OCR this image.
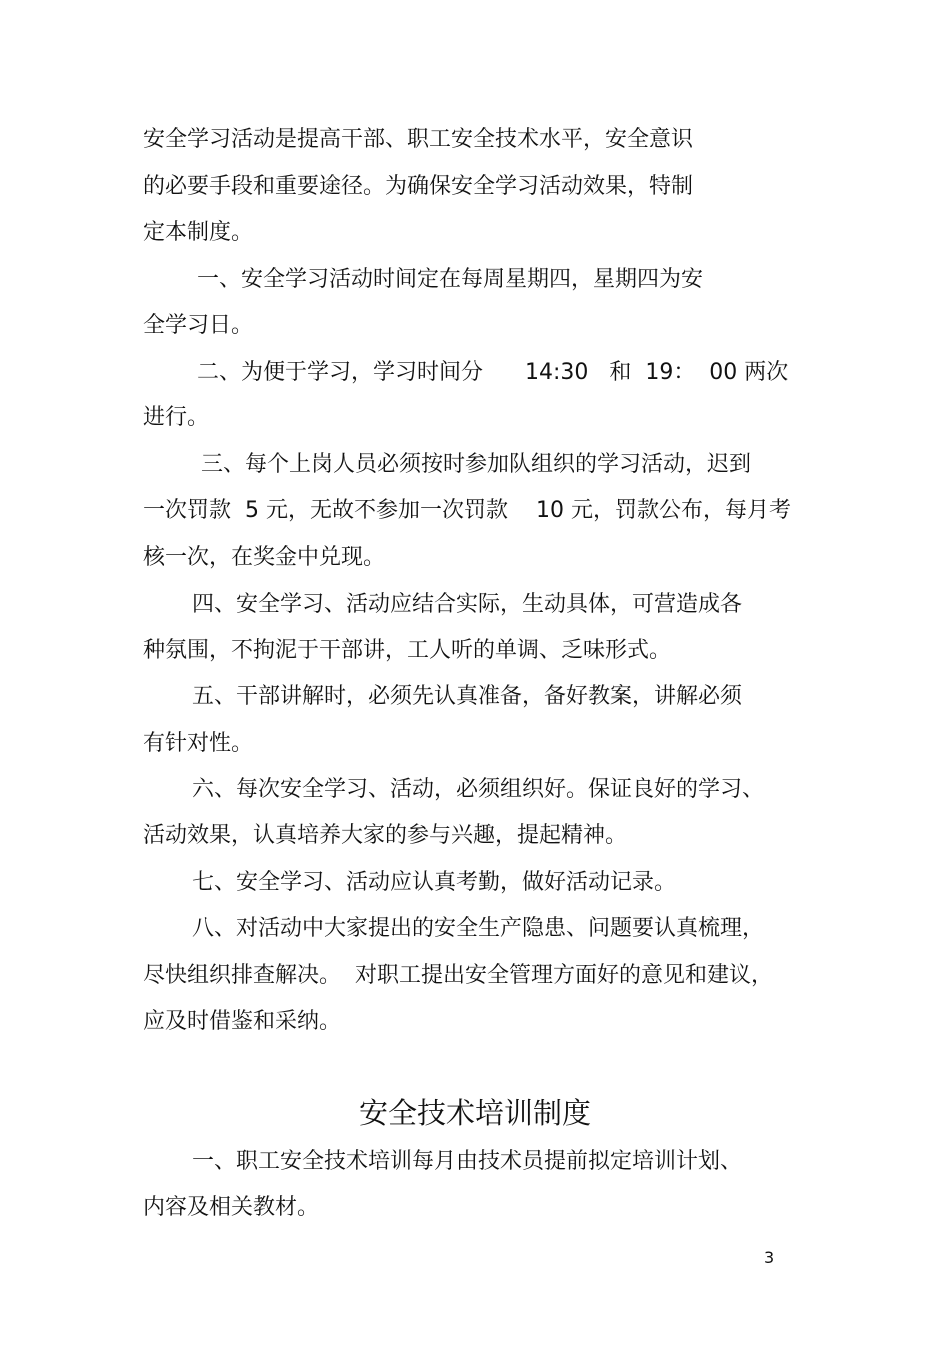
安全学习活动是提高干部、职工安全技术水平，安全意识
的必要手段和重要途径。为确保安全学习活动效果，特制
定本制度。
一、安全学习活动时间定在每周星期四，星期四为安
全学习日。
二、为便于学习，学习时间分      14:30   和  19：  00 两次
进行。
三、每个上岗人员必须按时参加队组织的学习活动，迟到
一次罚款  5 元，无故不参加一次罚款    10 元，罚款公布，每月考
核一次，在奖金中兑现。
四、安全学习、活动应结合实际，生动具体，可营造成各
种氛围，不拘泥于干部讲，工人听的单调、乏味形式。
五、干部讲解时，必须先认真准备，备好教案，讲解必须
有针对性。
六、每次安全学习、活动，必须组织好。保证良好的学习、
活动效果，认真培养大家的参与兴趣，提起精神。
七、安全学习、活动应认真考勤，做好活动记录。
八、对活动中大家提出的安全生产隐患、问题要认真梳理，
尽快组织排查解决。  对职工提出安全管理方面好的意见和建议，
应及时借鉴和采纳。
安全技术培训制度
一、职工安全技术培训每月由技术员提前拟定培训计划、
内容及相关教材。
3
